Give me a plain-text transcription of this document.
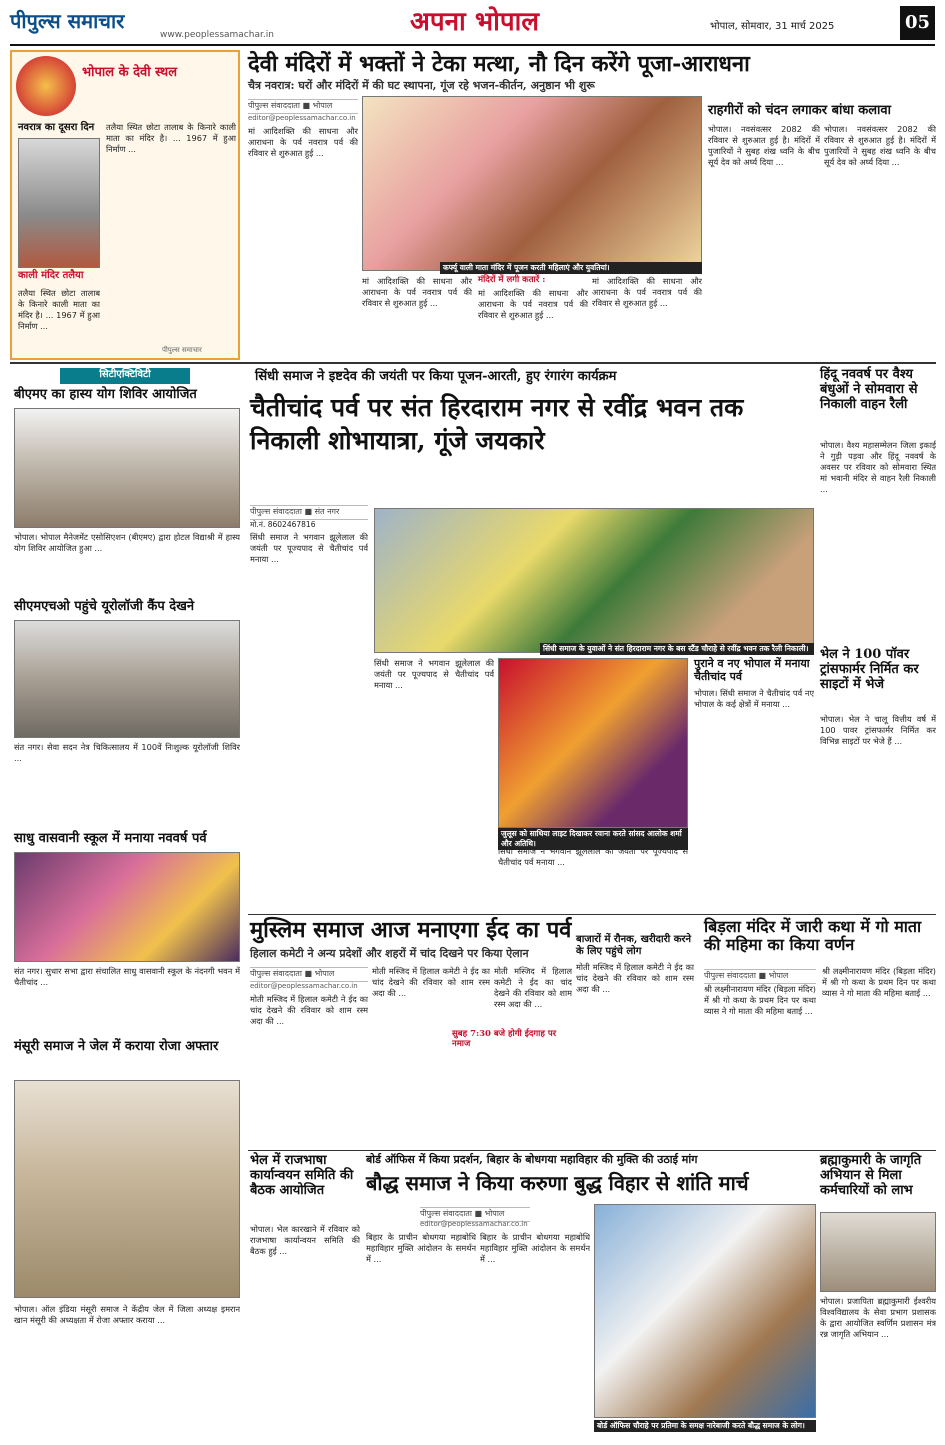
पीपुल्स समाचार
www.peoplessamachar.in	अपना भोपाल	भोपाल, सोमवार, 31 मार्च 2025	05
भोपाल के देवी स्थल
नवरात्र का दूसरा दिन
काली मंदिर तलैया
तलैया स्थित छोटा तालाब के किनारे काली माता का मंदिर है। ... 1967 में हुआ निर्माण ...
तलैया स्थित छोटा तालाब के किनारे काली माता का मंदिर है। ... 1967 में हुआ निर्माण ...
पीपुल्स समाचार
देवी मंदिरों में भक्तों ने टेका मत्था, नौ दिन करेंगे पूजा-आराधना
चैत्र नवरात्र: घरों और मंदिरों में की घट स्थापना, गूंज रहे भजन-कीर्तन, अनुष्ठान भी शुरू
पीपुल्स संवाददाता ■ भोपाल
editor@peoplessamachar.co.in
मां आदिशक्ति की साधना और आराधना के पर्व नवरात्र पर्व की रविवार से शुरुआत हुई ...
कर्फ्यू वाली माता मंदिर में पूजन करती महिलाएं और युवतियां।
मां आदिशक्ति की साधना और आराधना के पर्व नवरात्र पर्व की रविवार से शुरुआत हुई ...
मंदिरों में लगी कतारें :
मां आदिशक्ति की साधना और आराधना के पर्व नवरात्र पर्व की रविवार से शुरुआत हुई ...
मां आदिशक्ति की साधना और आराधना के पर्व नवरात्र पर्व की रविवार से शुरुआत हुई ...
राहगीरों को चंदन लगाकर बांधा कलावा
भोपाल। नवसंवत्सर 2082 की रविवार से शुरुआत हुई है। मंदिरों में पुजारियों ने सुबह शंख ध्वनि के बीच सूर्य देव को अर्घ्य दिया ...
भोपाल। नवसंवत्सर 2082 की रविवार से शुरुआत हुई है। मंदिरों में पुजारियों ने सुबह शंख ध्वनि के बीच सूर्य देव को अर्घ्य दिया ...
सिटीएक्टिविटी
बीएमए का हास्य योग शिविर आयोजित
भोपाल। भोपाल मैनेजमेंट एसोसिएशन (बीएमए) द्वारा होटल विद्याश्री में हास्य योग शिविर आयोजित हुआ ...
सीएमएचओ पहुंचे यूरोलॉजी कैंप देखने
संत नगर। सेवा सदन नेत्र चिकित्सालय में 100वें निःशुल्क यूरोलॉजी शिविर ...
साधु वासवानी स्कूल में मनाया नववर्ष पर्व
संत नगर। सुधार सभा द्वारा संचालित साधु वासवानी स्कूल के नंदनगी भवन में चैतीचांद ...
मंसूरी समाज ने जेल में कराया रोजा अफ्तार
भोपाल। ऑल इंडिया मंसूरी समाज ने केंद्रीय जेल में जिला अध्यक्ष इमरान खान मंसूरी की अध्यक्षता में रोजा अफ्तार कराया ...
सिंधी समाज ने इष्टदेव की जयंती पर किया पूजन-आरती, हुए रंगारंग कार्यक्रम
चैतीचांद पर्व पर संत हिरदाराम नगर से रवींद्र भवन तक निकाली शोभायात्रा, गूंजे जयकारे
पीपुल्स संवाददाता ■ संत नगर
मो.नं. 8602467816
सिंधी समाज ने भगवान झूलेलाल की जयंती पर पूज्यपाद से चैतीचांद पर्व मनाया ...
सिंधी समाज के युवाओं ने संत हिरदाराम नगर के बस स्टैंड चौराहे से रवींद्र भवन तक रैली निकाली।
सिंधी समाज ने भगवान झूलेलाल की जयंती पर पूज्यपाद से चैतीचांद पर्व मनाया ...
जुलूस को साथिया लाइट दिखाकर रवाना करते सांसद आलोक शर्मा और अतिथि।
सिंधी समाज ने भगवान झूलेलाल की जयंती पर पूज्यपाद से चैतीचांद पर्व मनाया ...
पुराने व नए भोपाल में मनाया चैतीचांद पर्व
भोपाल। सिंधी समाज ने चैतीचांद पर्व नए भोपाल के कई क्षेत्रों में मनाया ...
हिंदू नववर्ष पर वैश्य बंधुओं ने सोमवारा से निकाली वाहन रैली
भोपाल। वैश्य महासम्मेलन जिला इकाई ने गुड़ी पड़वा और हिंदू नववर्ष के अवसर पर रविवार को सोमवारा स्थित मां भवानी मंदिर से वाहन रैली निकाली ...
भेल ने 100 पॉवर ट्रांसफार्मर निर्मित कर साइटों में भेजे
भोपाल। भेल ने चालू वित्तीय वर्ष में 100 पावर ट्रांसफार्मर निर्मित कर विभिन्न साइटों पर भेजे हैं ...
मुस्लिम समाज आज मनाएगा ईद का पर्व
हिलाल कमेटी ने अन्य प्रदेशों और शहरों में चांद दिखने पर किया ऐलान
पीपुल्स संवाददाता ■ भोपाल
editor@peoplessamachar.co.in
मोती मस्जिद में हिलाल कमेटी ने ईद का चांद देखने की रविवार को शाम रस्म अदा की ...
मोती मस्जिद में हिलाल कमेटी ने ईद का चांद देखने की रविवार को शाम रस्म अदा की ...
मोती मस्जिद में हिलाल कमेटी ने ईद का चांद देखने की रविवार को शाम रस्म अदा की ...
बाजारों में रौनक, खरीदारी करने के लिए पहुंचे लोग
सुबह 7:30 बजे होगी ईदगाह पर नमाज
मोती मस्जिद में हिलाल कमेटी ने ईद का चांद देखने की रविवार को शाम रस्म अदा की ...
बिड़ला मंदिर में जारी कथा में गो माता की महिमा का किया वर्णन
पीपुल्स संवाददाता ■ भोपाल
श्री लक्ष्मीनारायण मंदिर (बिड़ला मंदिर) में श्री गो कथा के प्रथम दिन पर कथा व्यास ने गो माता की महिमा बताई ...
श्री लक्ष्मीनारायण मंदिर (बिड़ला मंदिर) में श्री गो कथा के प्रथम दिन पर कथा व्यास ने गो माता की महिमा बताई ...
भेल में राजभाषा कार्यान्वयन समिति की बैठक आयोजित
भोपाल। भेल कारखाने में रविवार को राजभाषा कार्यान्वयन समिति की बैठक हुई ...
बोर्ड ऑफिस में किया प्रदर्शन, बिहार के बोधगया महाविहार की मुक्ति की उठाई मांग
बौद्ध समाज ने किया करुणा बुद्ध विहार से शांति मार्च
पीपुल्स संवाददाता ■ भोपाल
editor@peoplessamachar.co.in
बिहार के प्राचीन बोधगया महाबोधि महाविहार मुक्ति आंदोलन के समर्थन में ...
बिहार के प्राचीन बोधगया महाबोधि महाविहार मुक्ति आंदोलन के समर्थन में ...
बोर्ड ऑफिस चौराहे पर प्रतिमा के समक्ष नारेबाजी करते बौद्ध समाज के लोग।
ब्रह्माकुमारी के जागृति अभियान से मिला कर्मचारियों को लाभ
भोपाल। प्रजापिता ब्रह्माकुमारी ईश्वरीय विश्वविद्यालय के सेवा प्रभाग प्रशासक के द्वारा आयोजित स्वर्णिम प्रशासन मंत्र रन्न जागृति अभियान ...
